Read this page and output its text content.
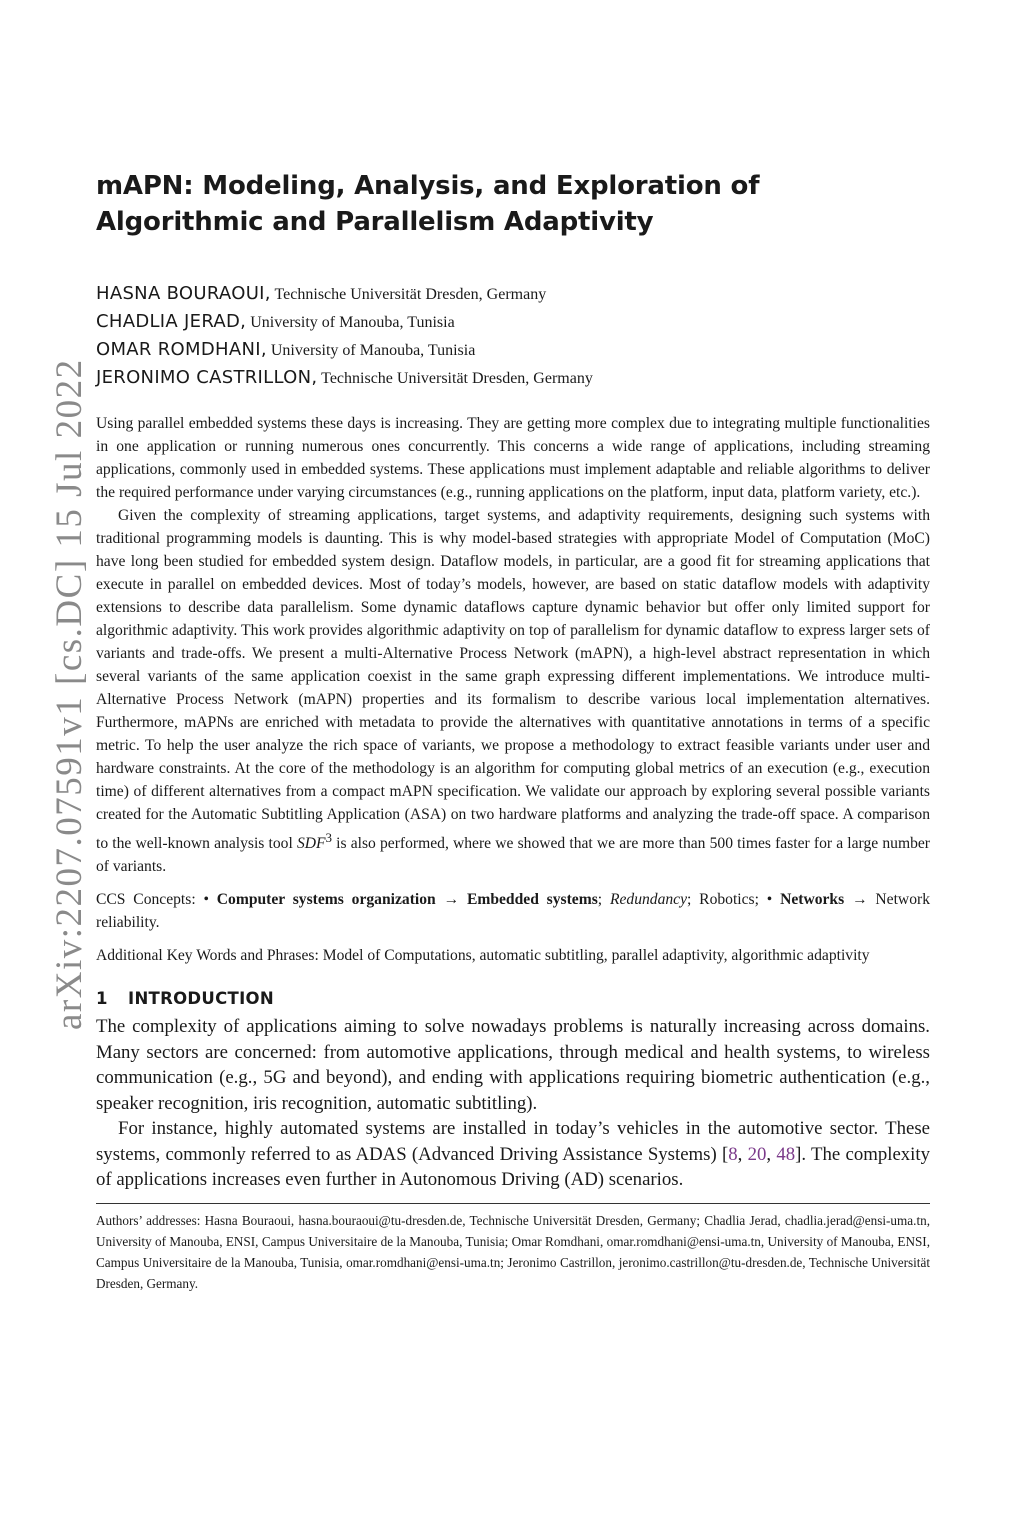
arXiv:2207.07591v1 [cs.DC] 15 Jul 2022
mAPN: Modeling, Analysis, and Exploration of Algorithmic and Parallelism Adaptivity
HASNA BOURAOUI, Technische Universität Dresden, Germany
CHADLIA JERAD, University of Manouba, Tunisia
OMAR ROMDHANI, University of Manouba, Tunisia
JERONIMO CASTRILLON, Technische Universität Dresden, Germany

Using parallel embedded systems these days is increasing. They are getting more complex due to integrating multiple functionalities in one application or running numerous ones concurrently. This concerns a wide range of applications, including streaming applications, commonly used in embedded systems. These applications must implement adaptable and reliable algorithms to deliver the required performance under varying circumstances (e.g., running applications on the platform, input data, platform variety, etc.).

Given the complexity of streaming applications, target systems, and adaptivity requirements, designing such systems with traditional programming models is daunting. This is why model-based strategies with appropriate Model of Computation (MoC) have long been studied for embedded system design. Dataflow models, in particular, are a good fit for streaming applications that execute in parallel on embedded devices. Most of today’s models, however, are based on static dataflow models with adaptivity extensions to describe data parallelism. Some dynamic dataflows capture dynamic behavior but offer only limited support for algorithmic adaptivity. This work provides algorithmic adaptivity on top of parallelism for dynamic dataflow to express larger sets of variants and trade-offs. We present a multi-Alternative Process Network (mAPN), a high-level abstract representation in which several variants of the same application coexist in the same graph expressing different implementations. We introduce multi-Alternative Process Network (mAPN) properties and its formalism to describe various local implementation alternatives. Furthermore, mAPNs are enriched with metadata to provide the alternatives with quantitative annotations in terms of a specific metric. To help the user analyze the rich space of variants, we propose a methodology to extract feasible variants under user and hardware constraints. At the core of the methodology is an algorithm for computing global metrics of an execution (e.g., execution time) of different alternatives from a compact mAPN specification. We validate our approach by exploring several possible variants created for the Automatic Subtitling Application (ASA) on two hardware platforms and analyzing the trade-off space. A comparison to the well-known analysis tool SDF$^3$ is also performed, where we showed that we are more than 500 times faster for a large number of variants.

CCS Concepts: • Computer systems organization → Embedded systems; Redundancy; Robotics; • Networks → Network reliability.
Additional Key Words and Phrases: Model of Computations, automatic subtitling, parallel adaptivity, algorithmic adaptivity
1 INTRODUCTION

The complexity of applications aiming to solve nowadays problems is naturally increasing across domains. Many sectors are concerned: from automotive applications, through medical and health systems, to wireless communication (e.g., 5G and beyond), and ending with applications requiring biometric authentication (e.g., speaker recognition, iris recognition, automatic subtitling).

For instance, highly automated systems are installed in today’s vehicles in the automotive sector. These systems, commonly referred to as ADAS (Advanced Driving Assistance Systems) [8, 20, 48]. The complexity of applications increases even further in Autonomous Driving (AD) scenarios.

Authors’ addresses: Hasna Bouraoui, hasna.bouraoui@tu-dresden.de, Technische Universität Dresden, Germany; Chadlia Jerad, chadlia.jerad@ensi-uma.tn, University of Manouba, ENSI, Campus Universitaire de la Manouba, Tunisia; Omar Romdhani, omar.romdhani@ensi-uma.tn, University of Manouba, ENSI, Campus Universitaire de la Manouba, Tunisia, omar.romdhani@ensi-uma.tn; Jeronimo Castrillon, jeronimo.castrillon@tu-dresden.de, Technische Universität Dresden, Germany.
